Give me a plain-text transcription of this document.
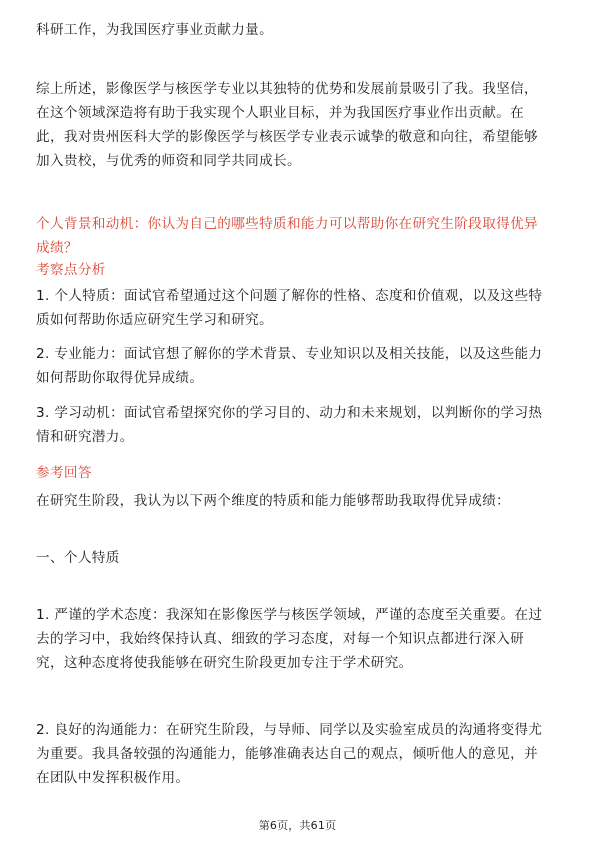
科研工作，为我国医疗事业贡献力量。
综上所述，影像医学与核医学专业以其独特的优势和发展前景吸引了我。我坚信，
在这个领域深造将有助于我实现个人职业目标，并为我国医疗事业作出贡献。在
此，我对贵州医科大学的影像医学与核医学专业表示诚挚的敬意和向往，希望能够
加入贵校，与优秀的师资和同学共同成长。
个人背景和动机：你认为自己的哪些特质和能力可以帮助你在研究生阶段取得优异
成绩？
考察点分析
1. 个人特质：面试官希望通过这个问题了解你的性格、态度和价值观，以及这些特
质如何帮助你适应研究生学习和研究。
2. 专业能力：面试官想了解你的学术背景、专业知识以及相关技能，以及这些能力
如何帮助你取得优异成绩。
3. 学习动机：面试官希望探究你的学习目的、动力和未来规划，以判断你的学习热
情和研究潜力。
参考回答
在研究生阶段，我认为以下两个维度的特质和能力能够帮助我取得优异成绩：
一、个人特质
1. 严谨的学术态度：我深知在影像医学与核医学领域，严谨的态度至关重要。在过
去的学习中，我始终保持认真、细致的学习态度，对每一个知识点都进行深入研
究，这种态度将使我能够在研究生阶段更加专注于学术研究。
2. 良好的沟通能力：在研究生阶段，与导师、同学以及实验室成员的沟通将变得尤
为重要。我具备较强的沟通能力，能够准确表达自己的观点，倾听他人的意见，并
在团队中发挥积极作用。
第6页，共61页
